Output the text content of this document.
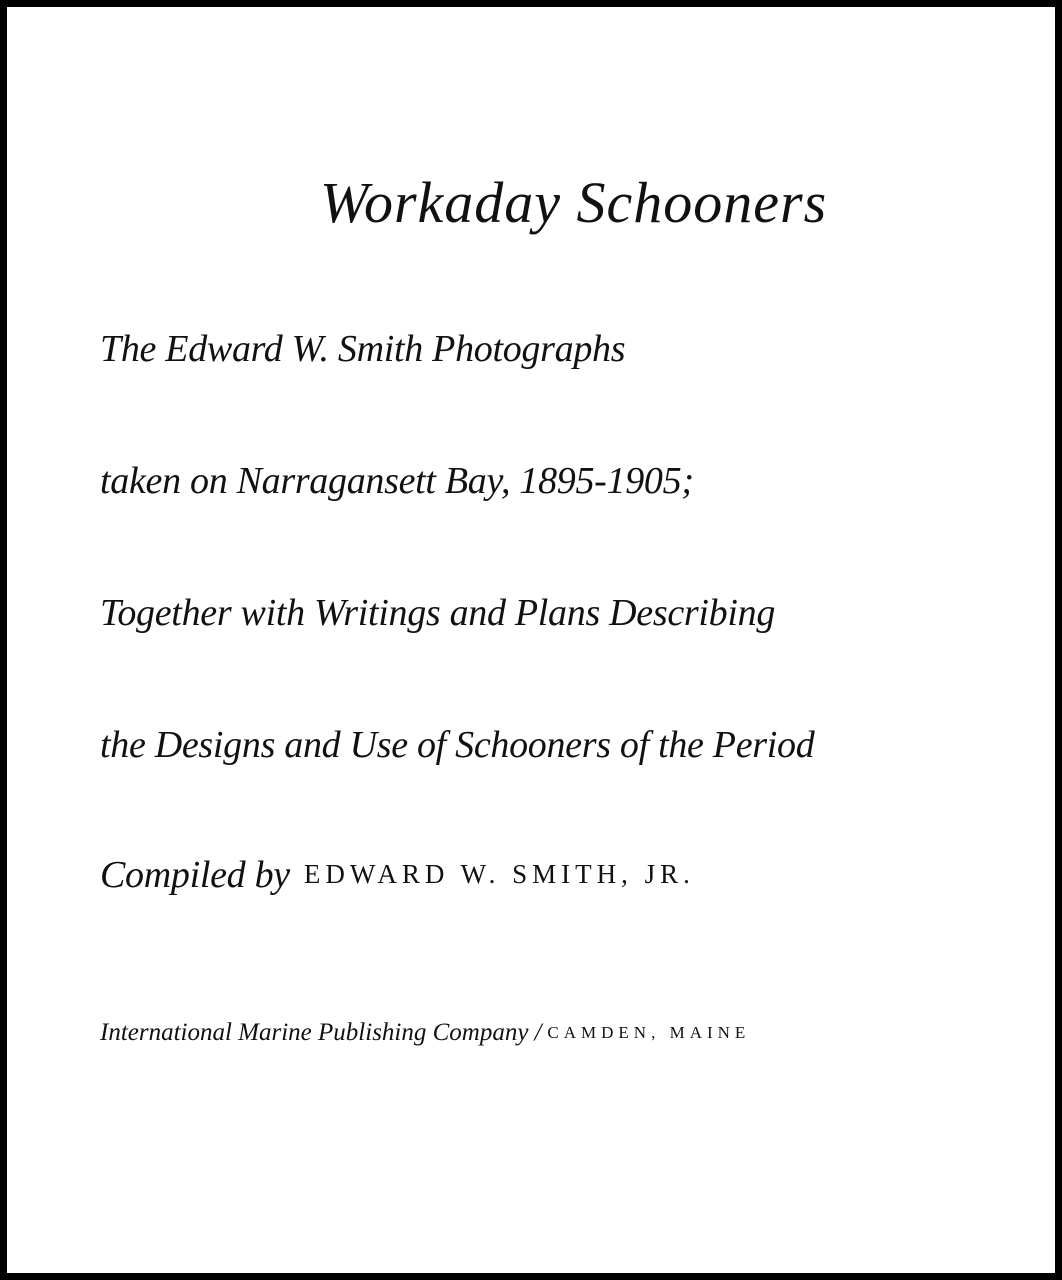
Workaday Schooners
The Edward W. Smith Photographs
taken on Narragansett Bay, 1895-1905;
Together with Writings and Plans Describing
the Designs and Use of Schooners of the Period
Compiled by EDWARD W. SMITH, JR.
International Marine Publishing Company / CAMDEN, MAINE
